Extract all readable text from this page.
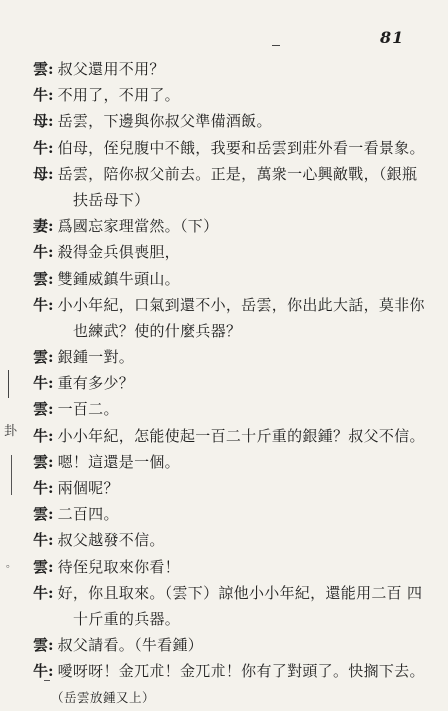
81
雲 : 叔父還用不用？
牛 : 不用了，不用了。
母 : 岳雲，下邊與你叔父準備酒飯。
牛 : 伯母，侄兒腹中不餓，我要和岳雲到莊外看一看景象。
母 : 岳雲，陪你叔父前去。正是，萬衆一心興敵戰，（銀瓶
扶岳母下）
妻 : 爲國忘家理當然。（下）
牛 : 殺得金兵俱喪胆，
雲 : 雙鍾威鎮牛頭山。
牛 : 小小年紀，口氣到還不小，岳雲，你出此大話，莫非你
也練武？使的什麼兵器？
雲 : 銀鍾一對。
牛 : 重有多少？
雲 : 一百二。
牛 : 小小年紀，怎能使起一百二十斤重的銀鍾？叔父不信。
雲 : 嗯！這還是一個。
牛 : 兩個呢？
雲 : 二百四。
牛 : 叔父越發不信。
雲 : 待侄兒取來你看！
牛 : 好，你且取來。（雲下）諒他小小年紀，還能用二百 四
十斤重的兵器。
雲 : 叔父請看。（牛看鍾）
牛 : 噯呀呀！金兀朮！金兀朮！你有了對頭了。快搁下去。
（岳雲放鍾又上）
卦
。
